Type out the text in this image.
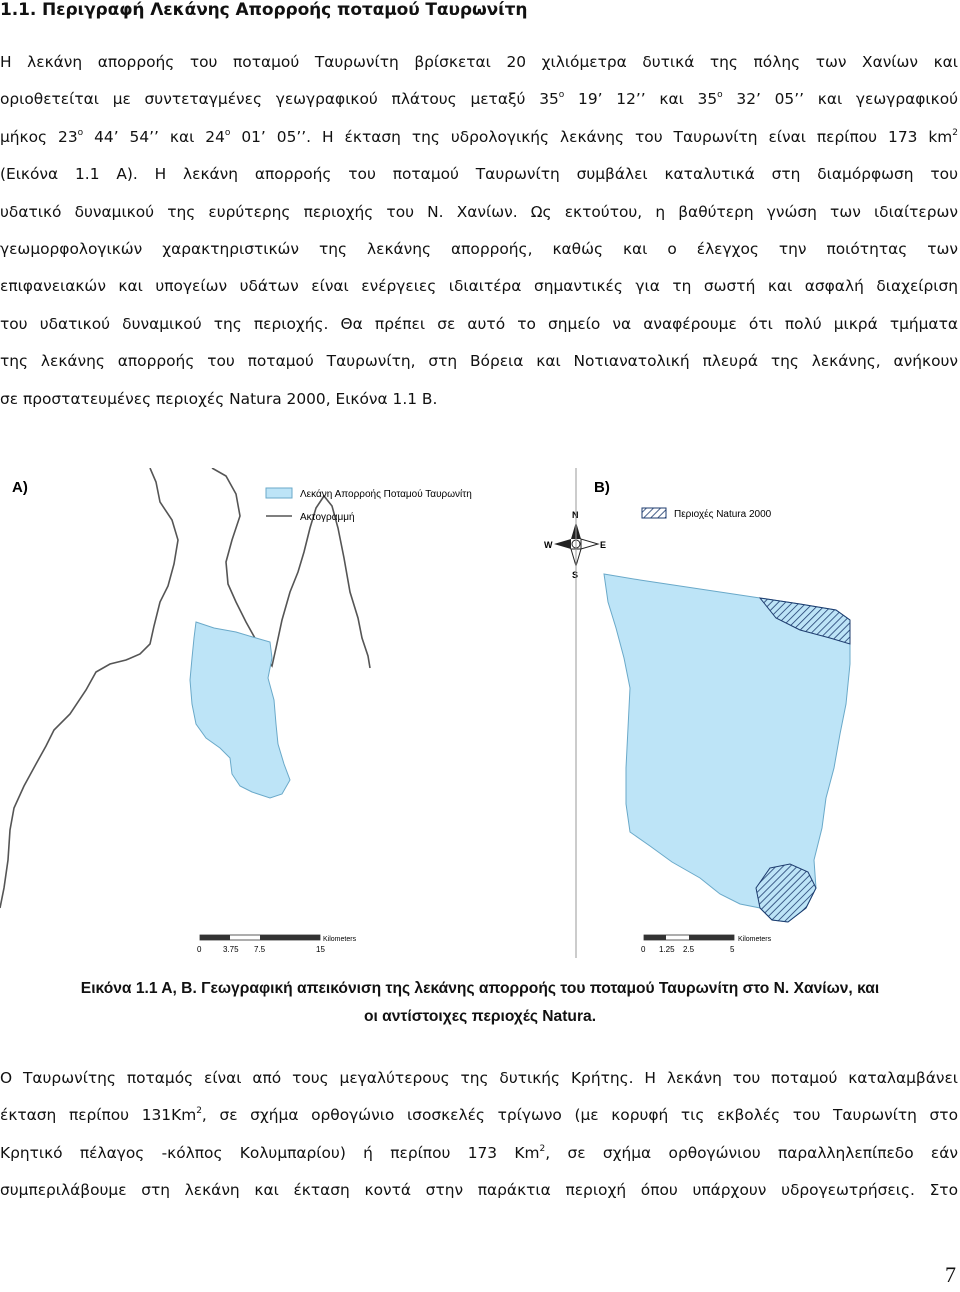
1.1. Περιγραφή Λεκάνης Απορροής ποταμού Ταυρωνίτη
Η λεκάνη απορροής του ποταμού Ταυρωνίτη βρίσκεται 20 χιλιόμετρα δυτικά της πόλης των Χανίων και
οριοθετείται με συντεταγμένες γεωγραφικού πλάτους μεταξύ 35$^o$ 19’ 12’’ και 35$^o$ 32’ 05’’ και γεωγραφικού
μήκος 23$^o$ 44’ 54’’ και 24$^o$ 01’ 05’’. Η έκταση της υδρολογικής λεκάνης του Ταυρωνίτη είναι περίπου 173 $km^2$
(Εικόνα 1.1 Α). Η λεκάνη απορροής του ποταμού Ταυρωνίτη συμβάλει καταλυτικά στη διαμόρφωση του
υδατικό δυναμικού της ευρύτερης περιοχής του Ν. Χανίων. Ως εκτούτου, η βαθύτερη γνώση των ιδιαίτερων
γεωμορφολογικών χαρακτηριστικών της λεκάνης απορροής, καθώς και ο έλεγχος την ποιότητας των
επιφανειακών και υπογείων υδάτων είναι ενέργειες ιδιαιτέρα σημαντικές για τη σωστή και ασφαλή διαχείριση
του υδατικού δυναμικού της περιοχής. Θα πρέπει σε αυτό το σημείο να αναφέρουμε ότι πολύ μικρά τμήματα
της λεκάνης απορροής του ποταμού Ταυρωνίτη, στη Βόρεια και Νοτιανατολική πλευρά της λεκάνης, ανήκουν
σε προστατευμένες περιοχές Natura 2000, Εικόνα 1.1 Β.
A)	Λεκάνη Απορροής Ποταμού Ταυρωνίτη
Ακτογραμμή
0	3.75 7.5	15
Kilometers
N
S
E
W
B)
Περιοχές Natura 2000
0 1.25 2.5	5
Kilometers
Εικόνα 1.1 Α, Β. Γεωγραφική απεικόνιση της λεκάνης απορροής του ποταμού Ταυρωνίτη στο Ν. Χανίων, και
οι αντίστοιχες περιοχές Natura.
Ο Ταυρωνίτης ποταμός είναι από τους μεγαλύτερους της δυτικής Κρήτης. Η λεκάνη του ποταμού καταλαμβάνει
έκταση περίπου 131Km$^2$, σε σχήμα ορθογώνιο ισοσκελές τρίγωνο (με κορυφή τις εκβολές του Ταυρωνίτη στο
Κρητικό πέλαγος -κόλπος Κολυμπαρίου) ή περίπου 173 Km$^2$, σε σχήμα ορθογώνιου παραλληλεπίπεδο εάν
συμπεριλάβουμε στη λεκάνη και έκταση κοντά στην παράκτια περιοχή όπου υπάρχουν υδρογεωτρήσεις. Στο
7
